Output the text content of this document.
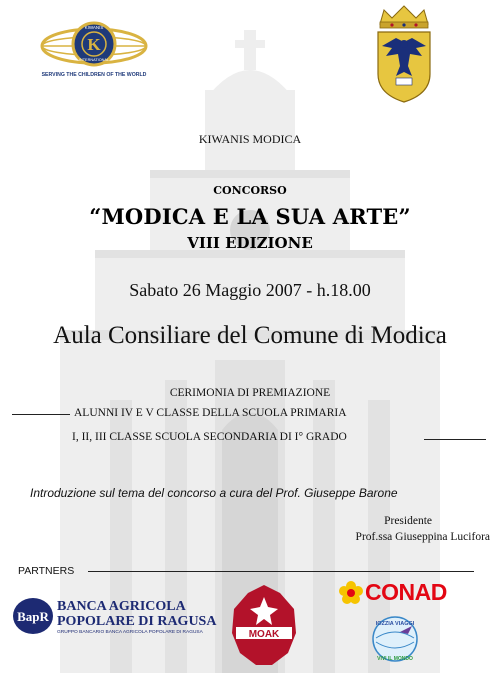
K
KIWANIS
INTERNATIONAL
SERVING THE CHILDREN OF THE WORLD
KIWANIS MODICA
CONCORSO
“MODICA E LA SUA ARTE”
VIII EDIZIONE
Sabato 26 Maggio 2007 - h.18.00
Aula Consiliare del Comune di Modica
CERIMONIA DI PREMIAZIONE
ALUNNI IV E V CLASSE DELLA SCUOLA PRIMARIA
I, II, III CLASSE SCUOLA SECONDARIA DI I° GRADO
Introduzione sul tema del concorso a cura del Prof. Giuseppe Barone
Presidente
Prof.ssa Giuseppina Lucifora
PARTNERS
BapR
BANCA AGRICOLA
POPOLARE DI RAGUSA
GRUPPO BANCARIO BANCA AGRICOLA POPOLARE DI RAGUSA	MOAK
CONAD
IOZZIA VIAGGI
VIVI IL MONDO
